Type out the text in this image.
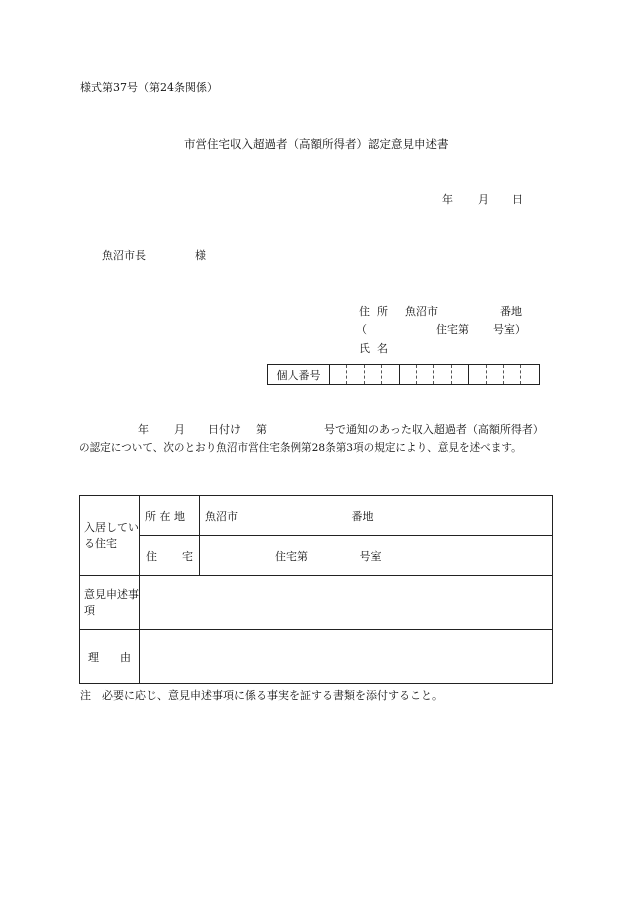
様式第37号（第24条関係）
市営住宅収入超過者（高額所得者）認定意見申述書
年 月 日
魚沼市長	様
住 所 魚沼市	番地
（	住宅第 号室）
氏 名
個人番号
年 月 日付け 第	号で通知のあった収入超過者（高額所得者）
の認定について、次のとおり魚沼市営住宅条例第28条第3項の規定により、意見を述べます。
入居している住宅	所 在 地	魚沼市 番地

	住 宅	住宅第 号室
意見申述事項		

理 由		

注　必要に応じ、意見申述事項に係る事実を証する書類を添付すること。
